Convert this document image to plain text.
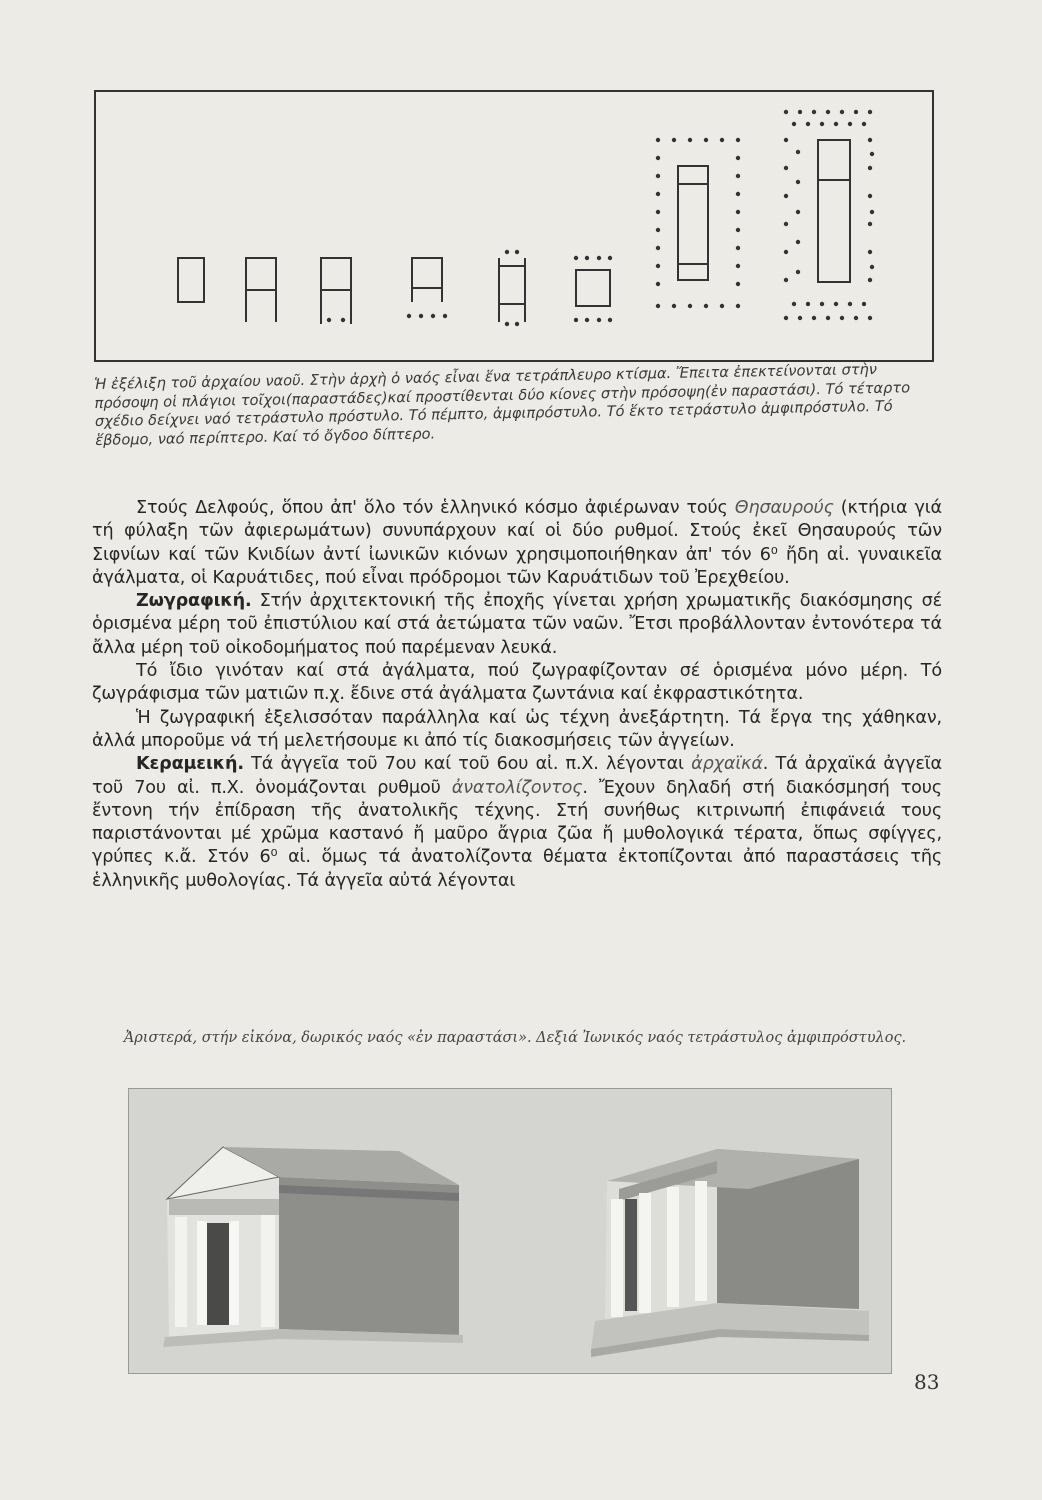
Ἡ ἐξέλιξη τοῦ ἀρχαίου ναοῦ. Στὴν ἀρχὴ ὁ ναός εἶναι ἕνα τετράπλευρο κτίσμα. Ἔπειτα ἐπεκτείνονται στὴν πρόσοψη οἱ πλάγιοι τοῖχοι(παραστάδες)καί προστίθενται δύο κίονες στὴν πρόσοψη(ἐν παραστάσι). Τό τέταρτο σχέδιο δείχνει ναό τετράστυλο πρόστυλο. Τό πέμπτο, ἀμφιπρόστυλο. Τό ἕκτο τετράστυλο ἀμφιπρόστυλο. Τό ἕβδομο, ναό περίπτερο. Καί τό ὄγδοο δίπτερο.

Στούς Δελφούς, ὅπου ἀπ' ὅλο τόν ἑλληνικό κόσμο ἀφιέρωναν τούς Θησαυρούς (κτήρια γιά τή φύλαξη τῶν ἀφιερωμάτων) συνυπάρχουν καί οἱ δύο ρυθμοί. Στούς ἐκεῖ Θησαυρούς τῶν Σιφνίων καί τῶν Κνιδίων ἀντί ἰωνικῶν κιόνων χρησιμοποιήθηκαν ἀπ' τόν 6⁰ ἤδη αἰ. γυναικεῖα ἀγάλματα, οἱ Καρυάτιδες, πού εἶναι πρόδρομοι τῶν Καρυάτιδων τοῦ Ἐρεχθείου.

Ζωγραφική. Στήν ἀρχιτεκτονική τῆς ἐποχῆς γίνεται χρήση χρωματικῆς διακόσμησης σέ ὁρισμένα μέρη τοῦ ἐπιστύλιου καί στά ἀετώματα τῶν ναῶν. Ἔτσι προβάλλονταν ἐντονότερα τά ἄλλα μέρη τοῦ οἰκοδομήματος πού παρέμεναν λευκά.

Τό ἴδιο γινόταν καί στά ἀγάλματα, πού ζωγραφίζονταν σέ ὁρισμένα μόνο μέρη. Τό ζωγράφισμα τῶν ματιῶν π.χ. ἔδινε στά ἀγάλματα ζωντάνια καί ἐκφραστικότητα.

Ἡ ζωγραφική ἐξελισσόταν παράλληλα καί ὡς τέχνη ἀνεξάρτητη. Τά ἔργα της χάθηκαν, ἀλλά μποροῦμε νά τή μελετήσουμε κι ἀπό τίς διακοσμήσεις τῶν ἀγγείων.

Κεραμεική. Τά ἀγγεῖα τοῦ 7ου καί τοῦ 6ου αἰ. π.Χ. λέγονται ἀρχαϊκά. Τά ἀρχαϊκά ἀγγεῖα τοῦ 7ου αἰ. π.Χ. ὀνομάζονται ρυθμοῦ ἀνατολίζοντος. Ἔχουν δηλαδή στή διακόσμησή τους ἔντονη τήν ἐπίδραση τῆς ἀνατολικῆς τέχνης. Στή συνήθως κιτρινωπή ἐπιφάνειά τους παριστάνονται μέ χρῶμα καστανό ἤ μαῦρο ἄγρια ζῶα ἤ μυθολογικά τέρατα, ὅπως σφίγγες, γρύπες κ.ἄ. Στόν 6⁰ αἰ. ὅμως τά ἀνατολίζοντα θέματα ἐκτοπίζονται ἀπό παραστάσεις τῆς ἑλληνικῆς μυθολογίας. Τά ἀγγεῖα αὐτά λέγονται

Ἀριστερά, στήν εἰκόνα, δωρικός ναός «ἐν παραστάσι». Δεξιά Ἰωνικός ναός τετράστυλος ἀμφιπρόστυλος.
83
